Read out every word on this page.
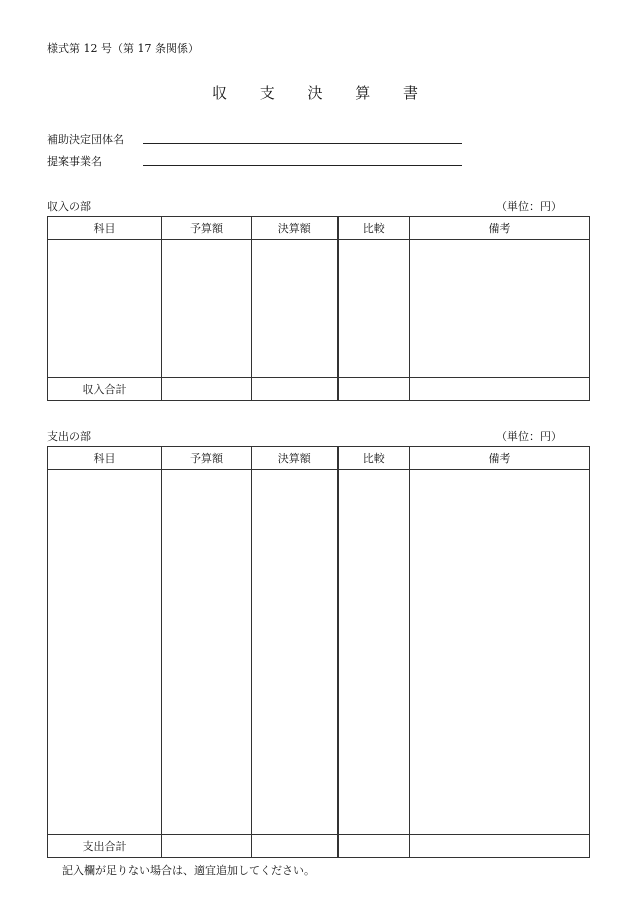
様式第 12 号（第 17 条関係）
収 支 決 算 書
補助決定団体名
提案事業名
収入の部	（単位：円）
科目	予算額	決算額	比較	備考

収入合計				
支出の部	（単位：円）
科目	予算額	決算額	比較	備考

支出合計				
記入欄が足りない場合は、適宜追加してください。
